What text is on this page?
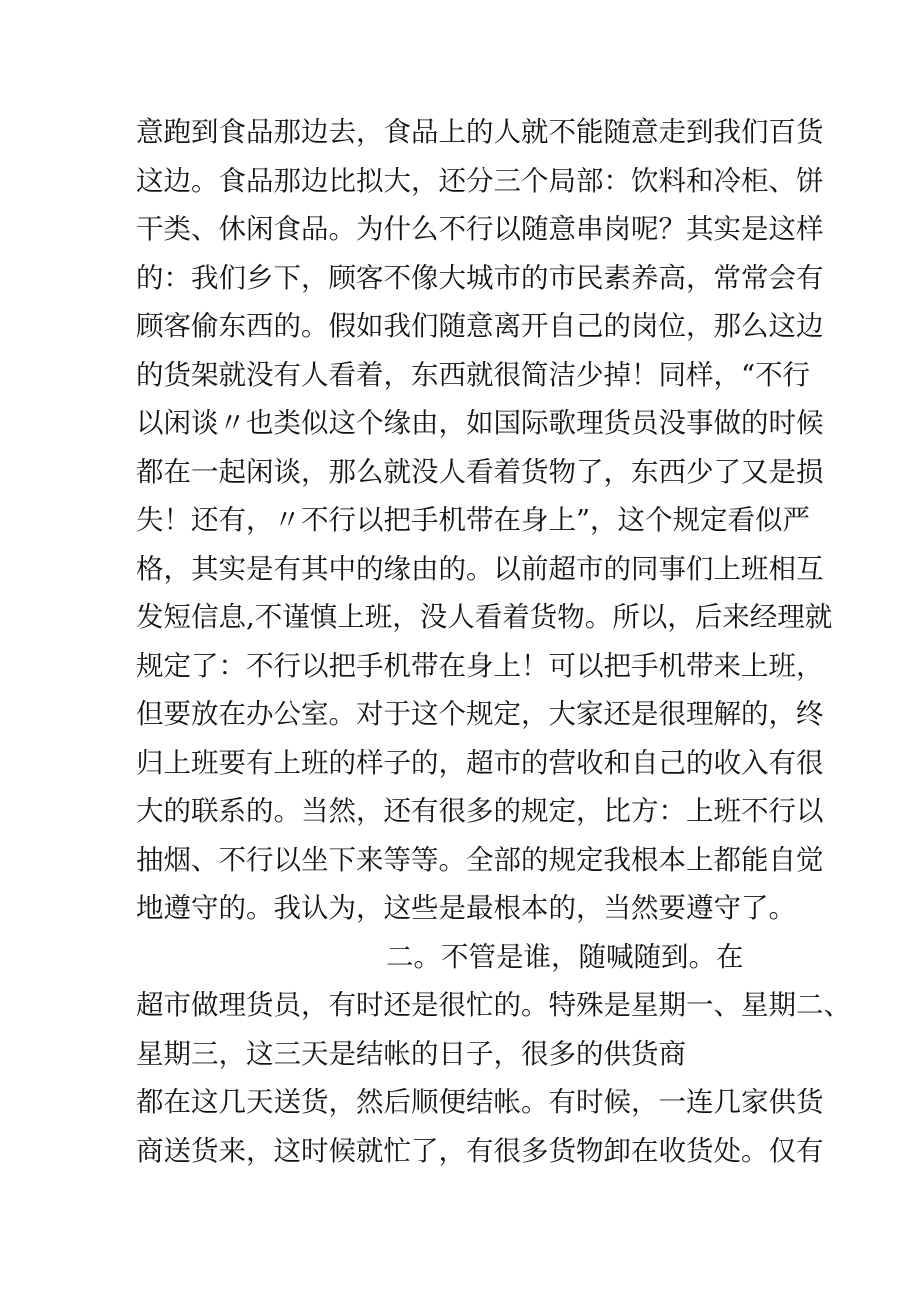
意跑到食品那边去，食品上的人就不能随意走到我们百货
这边。食品那边比拟大，还分三个局部：饮料和冷柜、饼
干类、休闲食品。为什么不行以随意串岗呢？其实是这样
的：我们乡下，顾客不像大城市的市民素养高，常常会有
顾客偷东西的。假如我们随意离开自己的岗位，那么这边
的货架就没有人看着，东西就很简洁少掉！同样，“不行
以闲谈〃也类似这个缘由，如国际歌理货员没事做的时候
都在一起闲谈，那么就没人看着货物了，东西少了又是损
失！还有，〃不行以把手机带在身上”，这个规定看似严
格，其实是有其中的缘由的。以前超市的同事们上班相互
发短信息,不谨慎上班，没人看着货物。所以，后来经理就
规定了：不行以把手机带在身上！可以把手机带来上班，
但要放在办公室。对于这个规定，大家还是很理解的，终
归上班要有上班的样子的，超市的营收和自己的收入有很
大的联系的。当然，还有很多的规定，比方：上班不行以
抽烟、不行以坐下来等等。全部的规定我根本上都能自觉
地遵守的。我认为，这些是最根本的，当然要遵守了。
二。不管是谁，随喊随到。在
超市做理货员，有时还是很忙的。特殊是星期一、星期二、
星期三，这三天是结帐的日子，很多的供货商
都在这几天送货，然后顺便结帐。有时候，一连几家供货
商送货来，这时候就忙了，有很多货物卸在收货处。仅有
